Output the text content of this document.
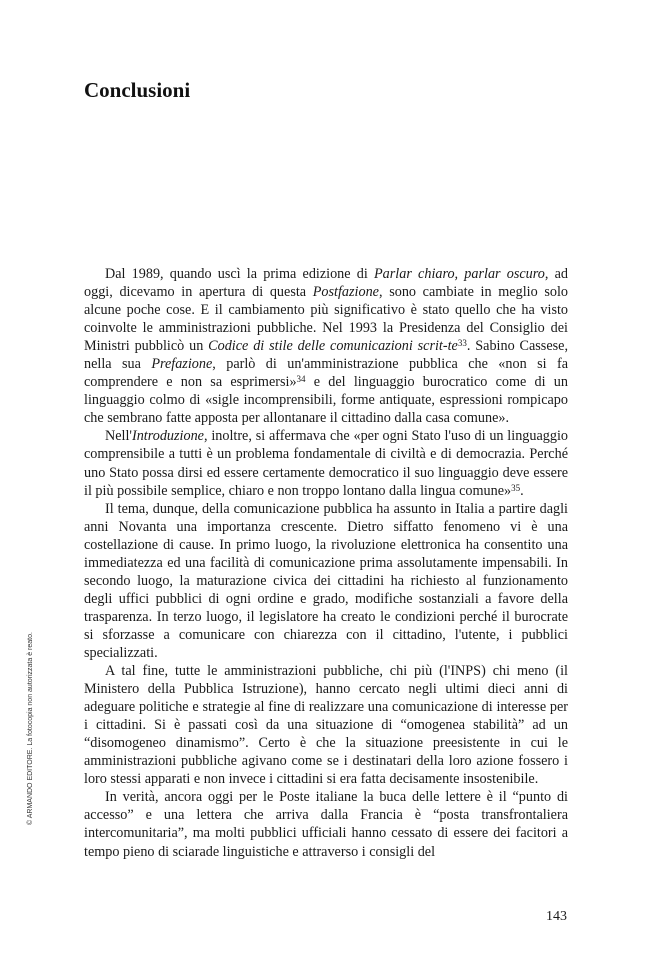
Conclusioni

Dal 1989, quando uscì la prima edizione di Parlar chiaro, parlar oscuro, ad oggi, dicevamo in apertura di questa Postfazione, sono cambiate in meglio solo alcune poche cose. E il cambiamento più significativo è stato quello che ha visto coinvolte le amministrazioni pubbliche. Nel 1993 la Presidenza del Consiglio dei Ministri pubblicò un Codice di stile delle comunicazioni scrit-$te^{33}$. Sabino Cassese, nella sua Prefazione, parlò di un'amministrazione pubblica che «non si fa comprendere e non sa esprimersi»$^{34}$ e del linguaggio burocratico come di un linguaggio colmo di «sigle incomprensibili, forme antiquate, espressioni rompicapo che sembrano fatte apposta per allontanare il cittadino dalla casa comune».

Nell'Introduzione, inoltre, si affermava che «per ogni Stato l'uso di un linguaggio comprensibile a tutti è un problema fondamentale di civiltà e di democrazia. Perché uno Stato possa dirsi ed essere certamente democratico il suo linguaggio deve essere il più possibile semplice, chiaro e non troppo lontano dalla lingua comune»$^{35}$.

Il tema, dunque, della comunicazione pubblica ha assunto in Italia a partire dagli anni Novanta una importanza crescente. Dietro siffatto fenomeno vi è una costellazione di cause. In primo luogo, la rivoluzione elettronica ha consentito una immediatezza ed una facilità di comunicazione prima assolutamente impensabili. In secondo luogo, la maturazione civica dei cittadini ha richiesto al funzionamento degli uffici pubblici di ogni ordine e grado, modifiche sostanziali a favore della trasparenza. In terzo luogo, il legislatore ha creato le condizioni perché il burocrate si sforzasse a comunicare con chiarezza con il cittadino, l'utente, i pubblici specializzati.

A tal fine, tutte le amministrazioni pubbliche, chi più (l'INPS) chi meno (il Ministero della Pubblica Istruzione), hanno cercato negli ultimi dieci anni di adeguare politiche e strategie al fine di realizzare una comunicazione di interesse per i cittadini. Si è passati così da una situazione di “omogenea stabilità” ad un “disomogeneo dinamismo”. Certo è che la situazione preesistente in cui le amministrazioni pubbliche agivano come se i destinatari della loro azione fossero i loro stessi apparati e non invece i cittadini si era fatta decisamente insostenibile.

In verità, ancora oggi per le Poste italiane la buca delle lettere è il “punto di accesso” e una lettera che arriva dalla Francia è “posta transfrontaliera intercomunitaria”, ma molti pubblici ufficiali hanno cessato di essere dei facitori a tempo pieno di sciarade linguistiche e attraverso i consigli del

© ARMANDO EDITORE. La fotocopia non autorizzata è reato.
143
